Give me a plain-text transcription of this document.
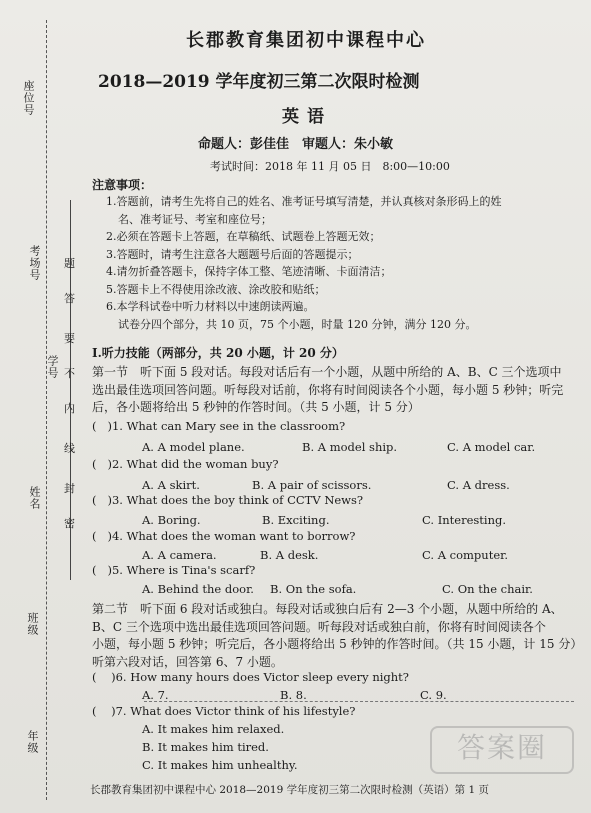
座位号
考场号
学号
姓名
班级
年级
题
答
要
不
内
线
封
密
长郡教育集团初中课程中心
2018—2019 学年度初三第二次限时检测
英语
命题人：彭佳佳　审题人：朱小敏
考试时间：2018 年 11 月 05 日　8:00—10:00
注意事项：
1.答题前，请考生先将自己的姓名、准考证号填写清楚，并认真核对条形码上的姓
名、准考证号、考室和座位号；
2.必须在答题卡上答题，在草稿纸、试题卷上答题无效；
3.答题时，请考生注意各大题题号后面的答题提示；
4.请勿折叠答题卡，保持字体工整、笔迹清晰、卡面清洁；
5.答题卡上不得使用涂改液、涂改胶和贴纸；
6.本学科试卷中听力材料以中速朗读两遍。
试卷分四个部分，共 10 页，75 个小题，时量 120 分钟，满分 120 分。
Ⅰ.听力技能（两部分，共 20 小题，计 20 分）
第一节　听下面 5 段对话。每段对话后有一个小题，从题中所给的 A、B、C 三个选项中
选出最佳选项回答问题。听每段对话前，你将有时间阅读各个小题，每小题 5 秒钟；听完
后，各小题将给出 5 秒钟的作答时间。（共 5 小题，计 5 分）
(   )1. What can Mary see in the classroom?
A. A model plane.	B. A model ship.	C. A model car.
(   )2. What did the woman buy?
A. A skirt.	B. A pair of scissors.	C. A dress.
(   )3. What does the boy think of CCTV News?
A. Boring.	B. Exciting.	C. Interesting.
(   )4. What does the woman want to borrow?
A. A camera.	B. A desk.	C. A computer.
(   )5. Where is Tina's scarf?
A. Behind the door. B. On the sofa.	C. On the chair.
第二节　听下面 6 段对话或独白。每段对话或独白后有 2—3 个小题，从题中所给的 A、
B、C 三个选项中选出最佳选项回答问题。听每段对话或独白前，你将有时间阅读各个
小题，每小题 5 秒钟；听完后，各小题将给出 5 秒钟的作答时间。（共 15 小题，计 15 分）
听第六段对话，回答第 6、7 小题。
(    )6. How many hours does Victor sleep every night?
A. 7.	B. 8.	C. 9.
(    )7. What does Victor think of his lifestyle?
A. It makes him relaxed.
B. It makes him tired.
C. It makes him unhealthy.
长郡教育集团初中课程中心 2018—2019 学年度初三第二次限时检测（英语）第 1 页
答案圈
